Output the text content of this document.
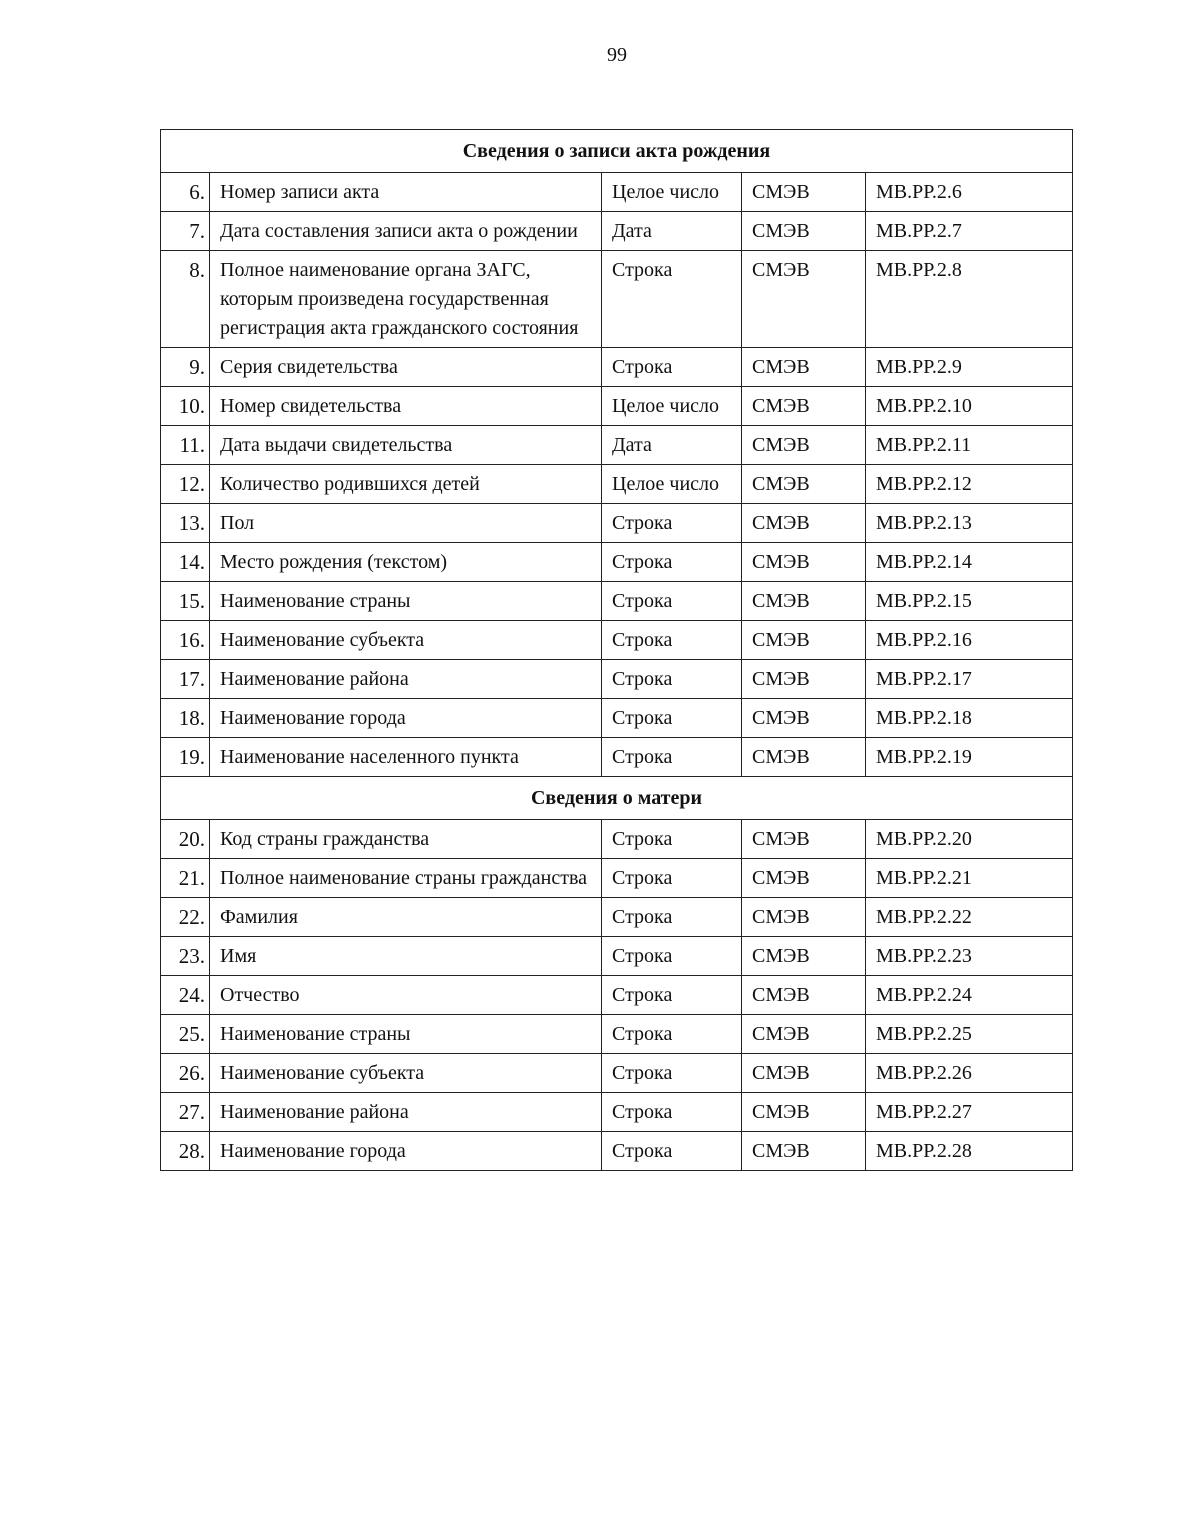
99
Сведения о записи акта рождения				
6.	Номер записи акта	Целое число	СМЭВ	МВ.РР.2.6
7.	Дата составления записи акта о рождении	Дата	СМЭВ	МВ.РР.2.7
8.	Полное наименование органа ЗАГС, которым произведена государственная регистрация акта гражданского состояния	Строка	СМЭВ	МВ.РР.2.8
9.	Серия свидетельства	Строка	СМЭВ	МВ.РР.2.9
10.	Номер свидетельства	Целое число	СМЭВ	МВ.РР.2.10
11.	Дата выдачи свидетельства	Дата	СМЭВ	МВ.РР.2.11
12.	Количество родившихся детей	Целое число	СМЭВ	МВ.РР.2.12
13.	Пол	Строка	СМЭВ	МВ.РР.2.13
14.	Место рождения (текстом)	Строка	СМЭВ	МВ.РР.2.14
15.	Наименование страны	Строка	СМЭВ	МВ.РР.2.15
16.	Наименование субъекта	Строка	СМЭВ	МВ.РР.2.16
17.	Наименование района	Строка	СМЭВ	МВ.РР.2.17
18.	Наименование города	Строка	СМЭВ	МВ.РР.2.18
19.	Наименование населенного пункта	Строка	СМЭВ	МВ.РР.2.19
Сведения о матери				
20.	Код страны гражданства	Строка	СМЭВ	МВ.РР.2.20
21.	Полное наименование страны гражданства	Строка	СМЭВ	МВ.РР.2.21
22.	Фамилия	Строка	СМЭВ	МВ.РР.2.22
23.	Имя	Строка	СМЭВ	МВ.РР.2.23
24.	Отчество	Строка	СМЭВ	МВ.РР.2.24
25.	Наименование страны	Строка	СМЭВ	МВ.РР.2.25
26.	Наименование субъекта	Строка	СМЭВ	МВ.РР.2.26
27.	Наименование района	Строка	СМЭВ	МВ.РР.2.27
28.	Наименование города	Строка	СМЭВ	МВ.РР.2.28
